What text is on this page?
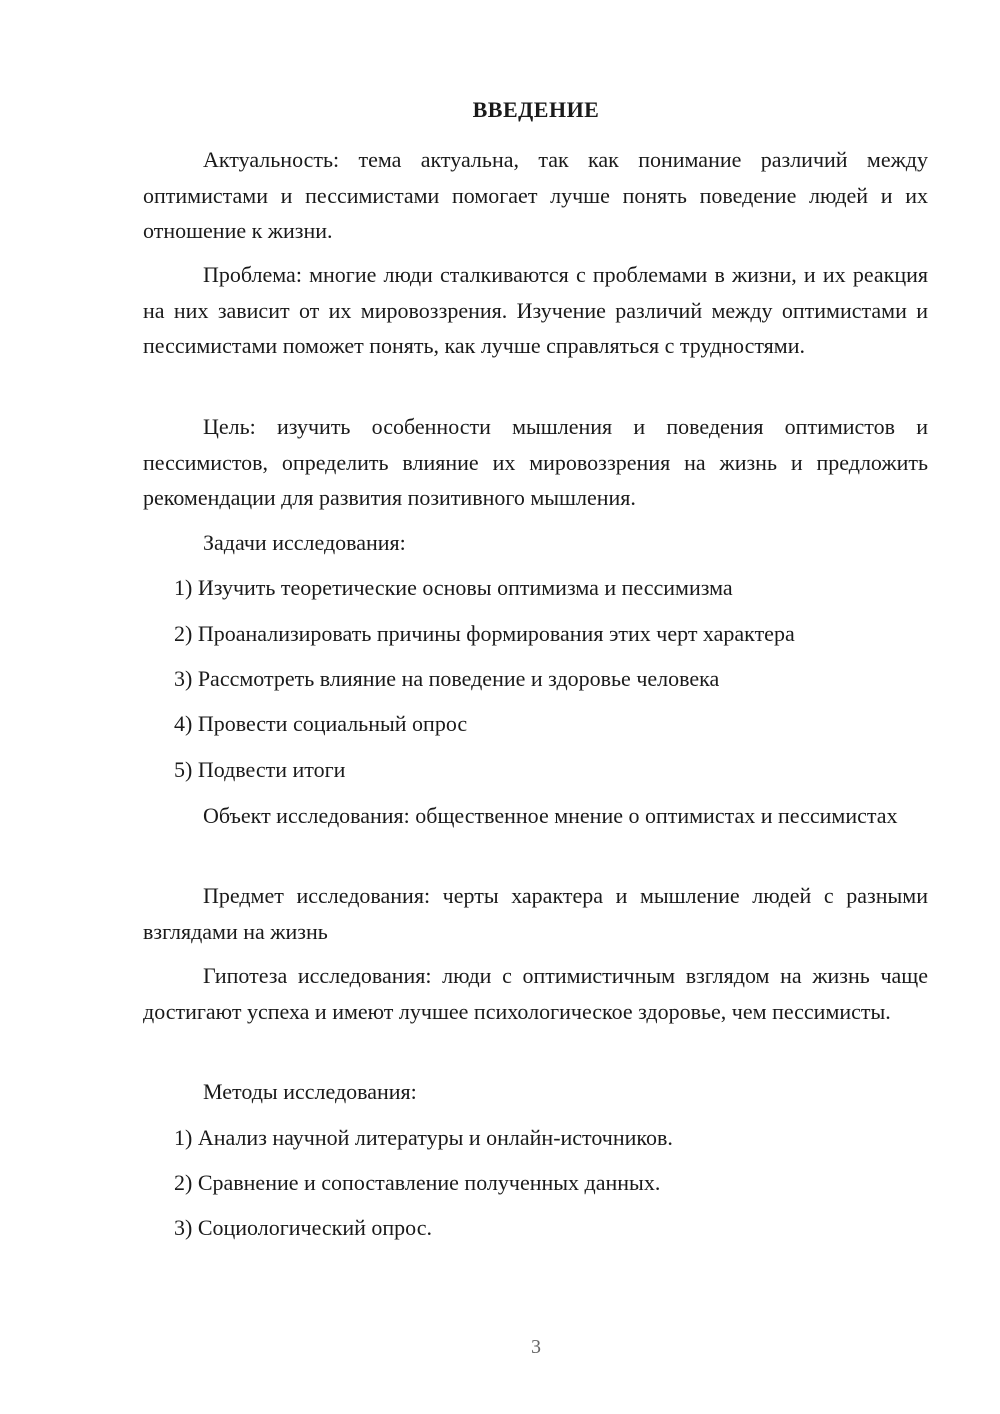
ВВЕДЕНИЕ

Актуальность: тема актуальна, так как понимание различий между оптимистами и пессимистами помогает лучше понять поведение людей и их отношение к жизни.

Проблема: многие люди сталкиваются с проблемами в жизни, и их реакция на них зависит от их мировоззрения. Изучение различий между оптимистами и пессимистами поможет понять, как лучше справляться с трудностями.

Цель: изучить особенности мышления и поведения оптимистов и пессимистов, определить влияние их мировоззрения на жизнь и предложить рекомендации для развития позитивного мышления.

Задачи исследования:

1) Изучить теоретические основы оптимизма и пессимизма

2) Проанализировать причины формирования этих черт характера

3) Рассмотреть влияние на поведение и здоровье человека

4) Провести социальный опрос

5) Подвести итоги

Объект исследования: общественное мнение о оптимистах и пессимистах

Предмет исследования: черты характера и мышление людей с разными взглядами на жизнь

Гипотеза исследования: люди с оптимистичным взглядом на жизнь чаще достигают успеха и имеют лучшее психологическое здоровье, чем пессимисты.

Методы исследования:

1) Анализ научной литературы и онлайн-источников.

2) Сравнение и сопоставление полученных данных.

3) Социологический опрос.

3
